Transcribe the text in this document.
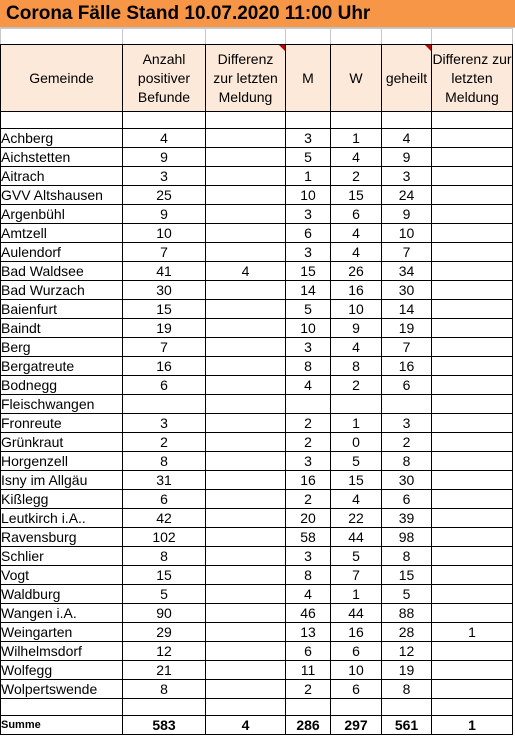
Corona Fälle Stand 10.07.2020 11:00 Uhr

Gemeinde	Anzahl positiver Befunde	Differenz zur letzten Meldung	M	W	geheilt	Differenz zur letzten Meldung

Achberg	4		3	1	4	
Aichstetten	9		5	4	9	
Aitrach	3		1	2	3	
GVV Altshausen	25		10	15	24	
Argenbühl	9		3	6	9	
Amtzell	10		6	4	10	
Aulendorf	7		3	4	7	
Bad Waldsee	41	4	15	26	34	
Bad Wurzach	30		14	16	30	
Baienfurt	15		5	10	14	
Baindt	19		10	9	19	
Berg	7		3	4	7	
Bergatreute	16		8	8	16	
Bodnegg	6		4	2	6	
Fleischwangen						
Fronreute	3		2	1	3	
Grünkraut	2		2	0	2	
Horgenzell	8		3	5	8	
Isny im Allgäu	31		16	15	30	
Kißlegg	6		2	4	6	
Leutkirch i.A..	42		20	22	39	
Ravensburg	102		58	44	98	
Schlier	8		3	5	8	
Vogt	15		8	7	15	
Waldburg	5		4	1	5	
Wangen i.A.	90		46	44	88	
Weingarten	29		13	16	28	1
Wilhelmsdorf	12		6	6	12	
Wolfegg	21		11	10	19	
Wolpertswende	8		2	6	8	

Summe	583	4	286	297	561	1
